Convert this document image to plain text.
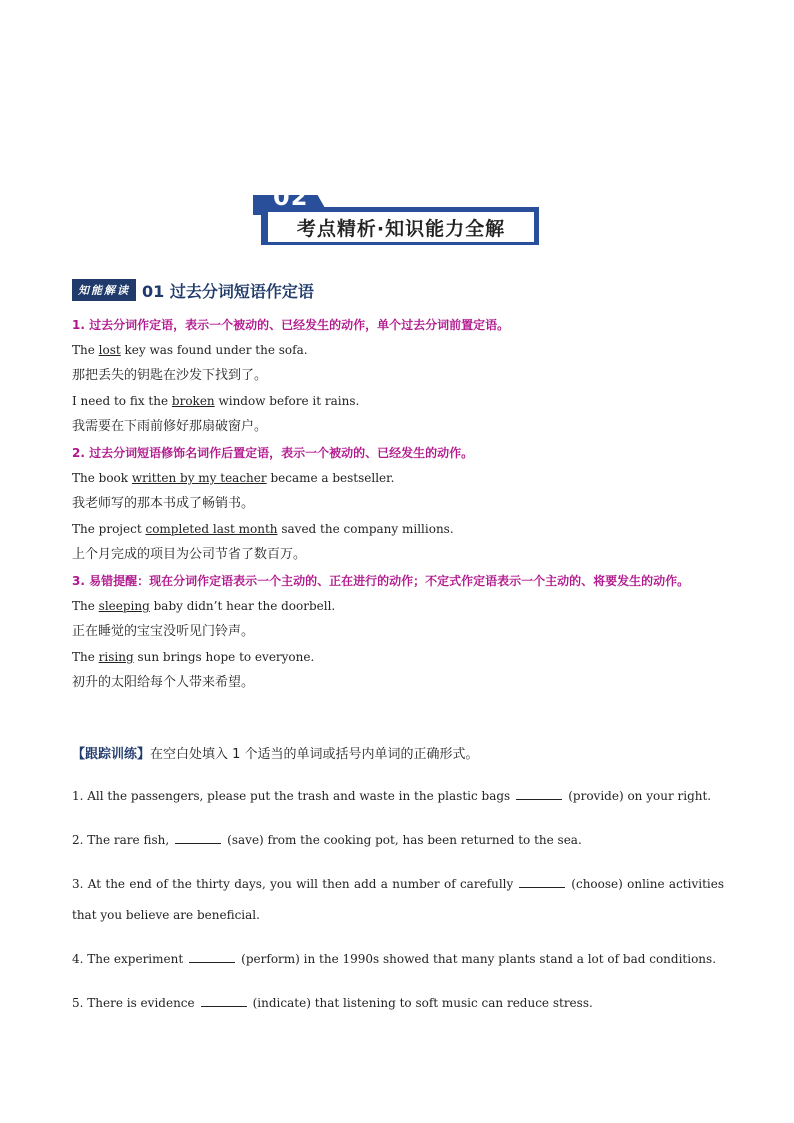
02
考点精析·知识能力全解
知能解读 01 过去分词短语作定语
1. 过去分词作定语，表示一个被动的、已经发生的动作，单个过去分词前置定语。
The lost key was found under the sofa.
那把丢失的钥匙在沙发下找到了。
I need to fix the broken window before it rains.
我需要在下雨前修好那扇破窗户。
2. 过去分词短语修饰名词作后置定语，表示一个被动的、已经发生的动作。
The book written by my teacher became a bestseller.
我老师写的那本书成了畅销书。
The project completed last month saved the company millions.
上个月完成的项目为公司节省了数百万。
3. 易错提醒：现在分词作定语表示一个主动的、正在进行的动作；不定式作定语表示一个主动的、将要发生的动作。
The sleeping baby didn’t hear the doorbell.
正在睡觉的宝宝没听见门铃声。
The rising sun brings hope to everyone.
初升的太阳给每个人带来希望。
【跟踪训练】在空白处填入 1 个适当的单词或括号内单词的正确形式。
1. All the passengers, please put the trash and waste in the plastic bags	(provide) on your right.
2. The rare fish,	(save) from the cooking pot, has been returned to the sea.
3. At the end of the thirty days, you will then add a number of carefully	(choose) online activities that you believe are beneficial.
4. The experiment	(perform) in the 1990s showed that many plants stand a lot of bad conditions.
5. There is evidence	(indicate) that listening to soft music can reduce stress.
